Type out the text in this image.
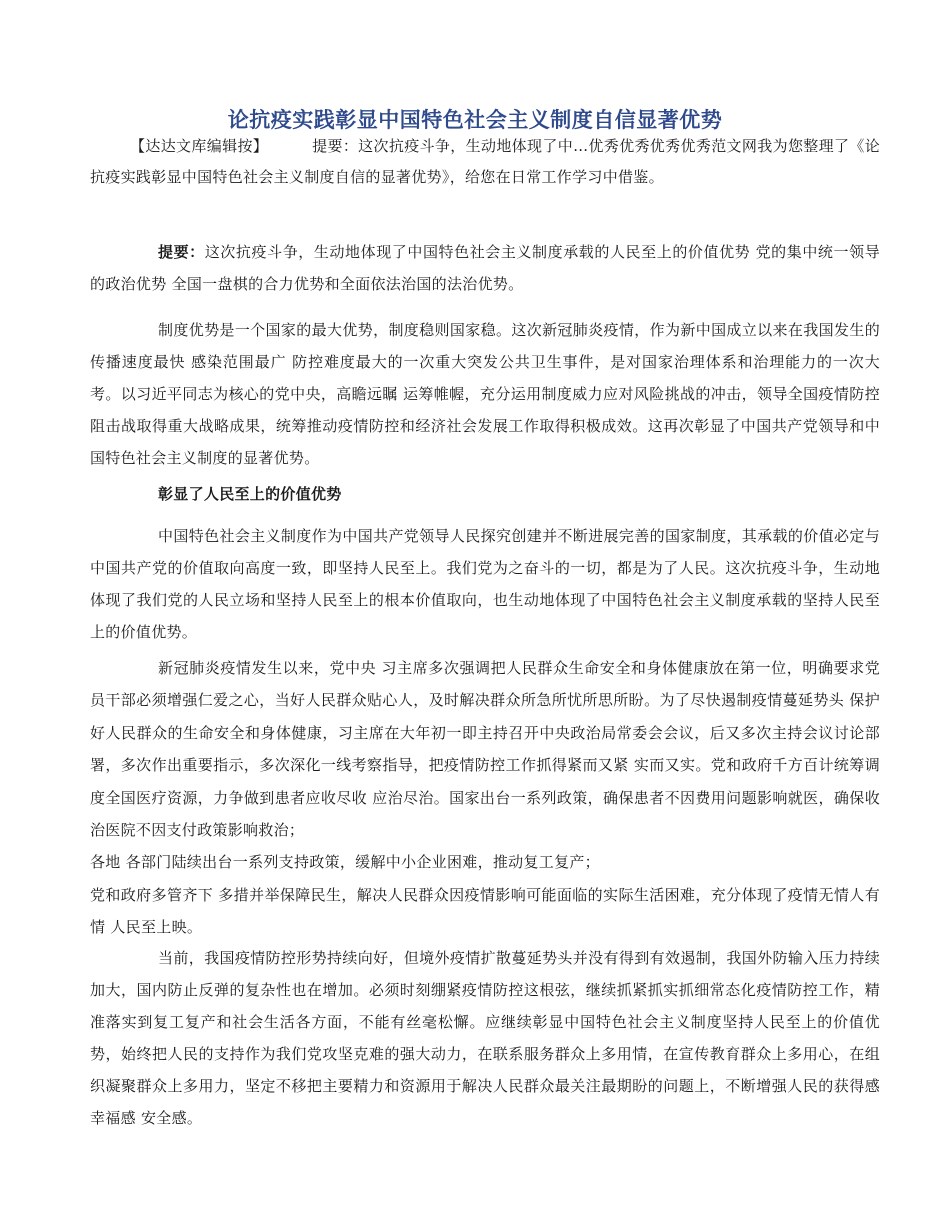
论抗疫实践彰显中国特色社会主义制度自信显著优势
【达达文库编辑按】	提要：这次抗疫斗争，生动地体现了中…优秀优秀优秀优秀范文网我为您整理了《论抗疫实践彰显中国特色社会主义制度自信的显著优势》，给您在日常工作学习中借鉴。
提要：这次抗疫斗争，生动地体现了中国特色社会主义制度承载的人民至上的价值优势 党的集中统一领导的政治优势 全国一盘棋的合力优势和全面依法治国的法治优势。
制度优势是一个国家的最大优势，制度稳则国家稳。这次新冠肺炎疫情，作为新中国成立以来在我国发生的传播速度最快 感染范围最广 防控难度最大的一次重大突发公共卫生事件，是对国家治理体系和治理能力的一次大考。以习近平同志为核心的党中央，高瞻远瞩 运筹帷幄，充分运用制度威力应对风险挑战的冲击，领导全国疫情防控阻击战取得重大战略成果，统筹推动疫情防控和经济社会发展工作取得积极成效。这再次彰显了中国共产党领导和中国特色社会主义制度的显著优势。
彰显了人民至上的价值优势
中国特色社会主义制度作为中国共产党领导人民探究创建并不断进展完善的国家制度，其承载的价值必定与中国共产党的价值取向高度一致，即坚持人民至上。我们党为之奋斗的一切，都是为了人民。这次抗疫斗争，生动地体现了我们党的人民立场和坚持人民至上的根本价值取向，也生动地体现了中国特色社会主义制度承载的坚持人民至上的价值优势。
新冠肺炎疫情发生以来，党中央 习主席多次强调把人民群众生命安全和身体健康放在第一位，明确要求党员干部必须增强仁爱之心，当好人民群众贴心人，及时解决群众所急所忧所思所盼。为了尽快遏制疫情蔓延势头 保护好人民群众的生命安全和身体健康，习主席在大年初一即主持召开中央政治局常委会会议，后又多次主持会议讨论部署，多次作出重要指示，多次深化一线考察指导，把疫情防控工作抓得紧而又紧 实而又实。党和政府千方百计统筹调度全国医疗资源，力争做到患者应收尽收 应治尽治。国家出台一系列政策，确保患者不因费用问题影响就医，确保收治医院不因支付政策影响救治；
各地 各部门陆续出台一系列支持政策，缓解中小企业困难，推动复工复产；
党和政府多管齐下 多措并举保障民生，解决人民群众因疫情影响可能面临的实际生活困难，充分体现了疫情无情人有情 人民至上映。
当前，我国疫情防控形势持续向好，但境外疫情扩散蔓延势头并没有得到有效遏制，我国外防输入压力持续加大，国内防止反弹的复杂性也在增加。必须时刻绷紧疫情防控这根弦，继续抓紧抓实抓细常态化疫情防控工作，精准落实到复工复产和社会生活各方面，不能有丝毫松懈。应继续彰显中国特色社会主义制度坚持人民至上的价值优势，始终把人民的支持作为我们党攻坚克难的强大动力，在联系服务群众上多用情，在宣传教育群众上多用心，在组织凝聚群众上多用力，坚定不移把主要精力和资源用于解决人民群众最关注最期盼的问题上，不断增强人民的获得感 幸福感 安全感。
